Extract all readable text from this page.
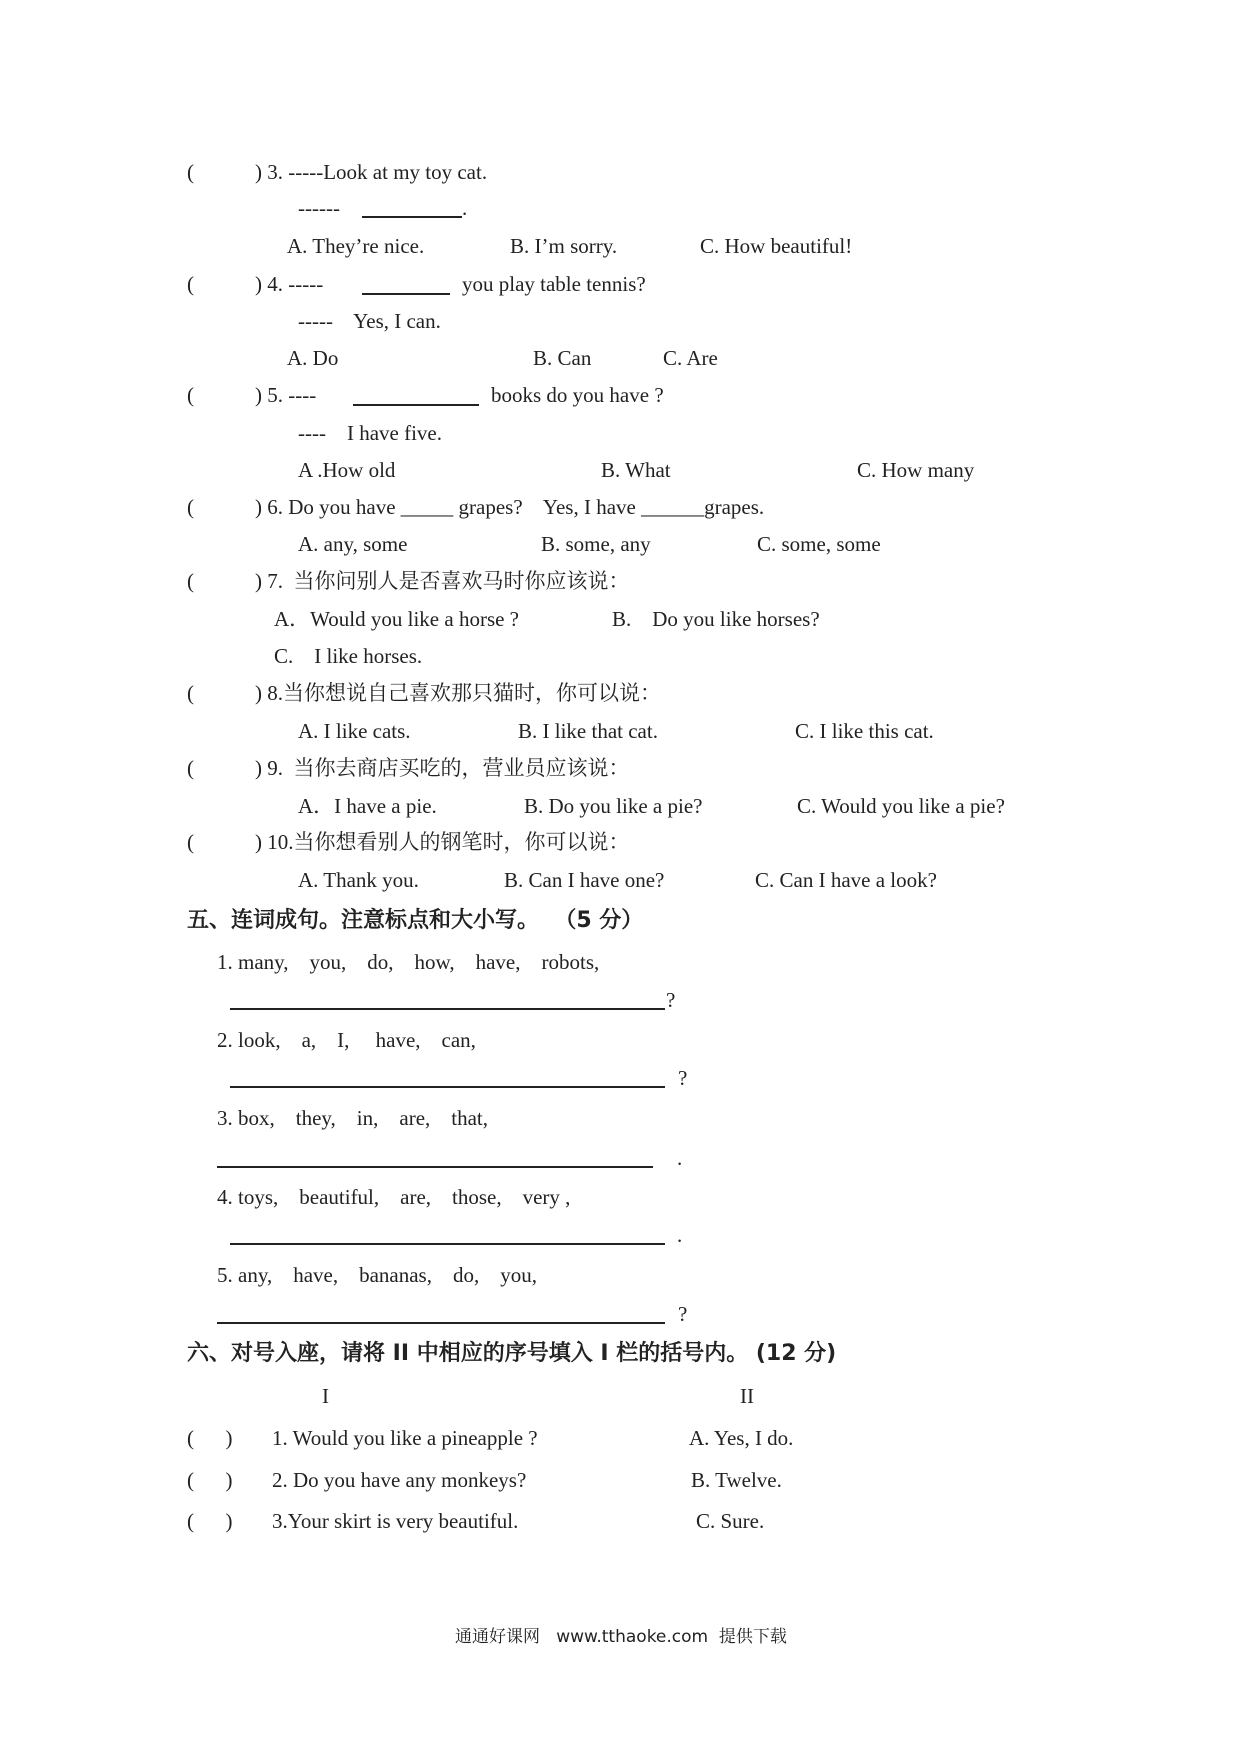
(	) 3. -----Look at my toy cat.
------	.
A. They’re nice.	B. I’m sorry.	C. How beautiful!
(	) 4. -----	you play table tennis?
-----    Yes, I can.
A. Do	B. Can	C. Are
(	) 5. ----	books do you have ?
----    I have five.
A .How old	B. What	C. How many
(	) 6. Do you have _____ grapes?    Yes, I have ______grapes.
A. any, some	B. some, any	C. some, some
(	) 7.  当你问别人是否喜欢马时你应该说：
A．Would you like a horse ?	B.    Do you like horses?
C.    I like horses.
(	) 8.当你想说自己喜欢那只猫时，你可以说：
A. I like cats.	B. I like that cat.	C. I like this cat.
(	) 9.  当你去商店买吃的，营业员应该说：
A．I have a pie.	B. Do you like a pie?	C. Would you like a pie?
(	) 10.当你想看别人的钢笔时，你可以说：
A. Thank you.	B. Can I have one?	C. Can I have a look?
五、连词成句。注意标点和大小写。  （5 分）
1. many,    you,    do,    how,    have,    robots,
?
2. look,    a,    I,     have,    can,
?
3. box,    they,    in,    are,    that,
.
4. toys,    beautiful,    are,    those,    very ,
.
5. any,    have,    bananas,    do,    you,
?
六、对号入座，请将 II 中相应的序号填入 I 栏的括号内。 (12 分)
I	II
(      ) 1. Would you like a pineapple ?	A. Yes, I do.
(      ) 2. Do you have any monkeys?	B. Twelve.
(      ) 3.Your skirt is very beautiful.	C. Sure.
通通好课网   www.tthaoke.com  提供下载
